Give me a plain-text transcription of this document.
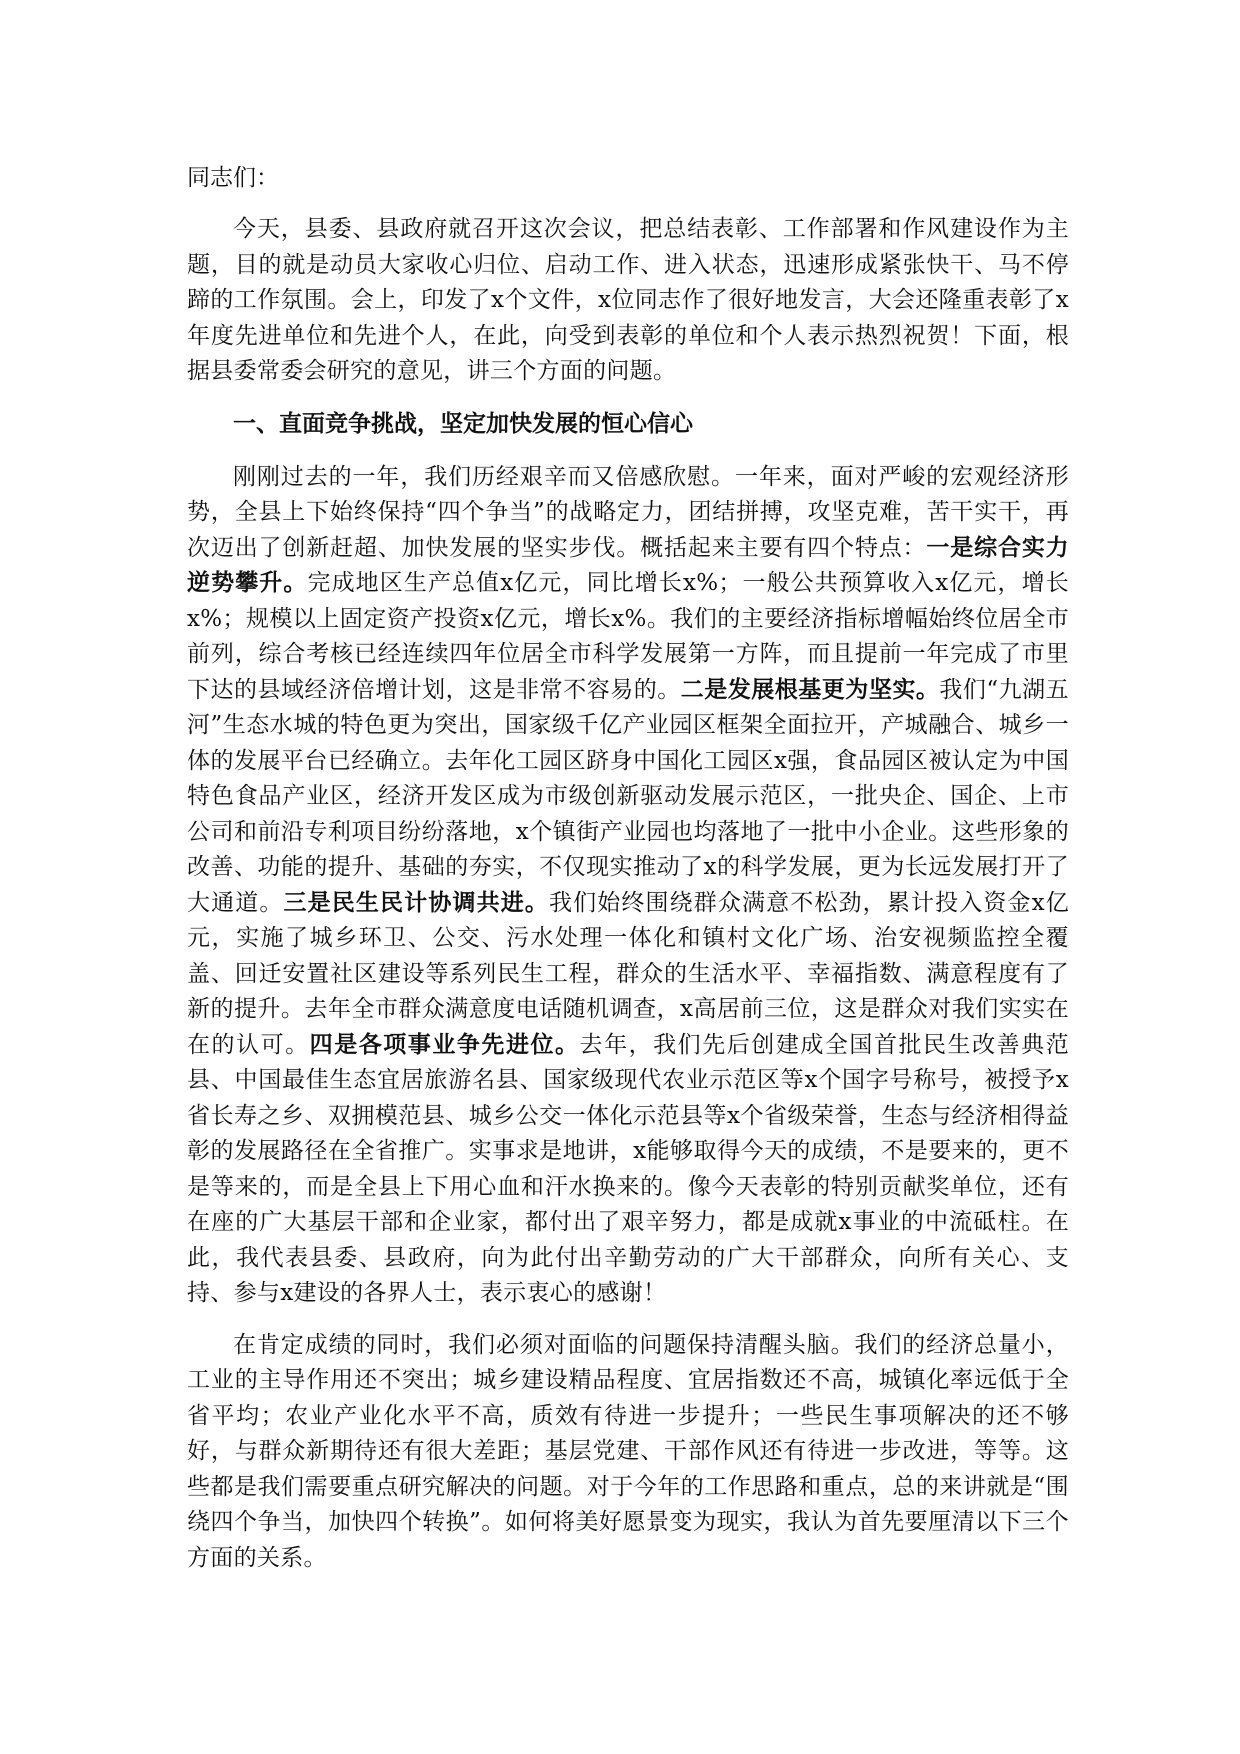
同志们：

今天，县委、县政府就召开这次会议，把总结表彰、工作部署和作风建设作为主题，目的就是动员大家收心归位、启动工作、进入状态，迅速形成紧张快干、马不停蹄的工作氛围。会上，印发了x个文件，x位同志作了很好地发言，大会还隆重表彰了x年度先进单位和先进个人，在此，向受到表彰的单位和个人表示热烈祝贺！下面，根据县委常委会研究的意见，讲三个方面的问题。

一、直面竞争挑战，坚定加快发展的恒心信心

刚刚过去的一年，我们历经艰辛而又倍感欣慰。一年来，面对严峻的宏观经济形势，全县上下始终保持“四个争当”的战略定力，团结拼搏，攻坚克难，苦干实干，再次迈出了创新赶超、加快发展的坚实步伐。概括起来主要有四个特点：一是综合实力逆势攀升。完成地区生产总值x亿元，同比增长x%；一般公共预算收入x亿元，增长x%；规模以上固定资产投资x亿元，增长x%。我们的主要经济指标增幅始终位居全市前列，综合考核已经连续四年位居全市科学发展第一方阵，而且提前一年完成了市里下达的县域经济倍增计划，这是非常不容易的。二是发展根基更为坚实。我们“九湖五河”生态水城的特色更为突出，国家级千亿产业园区框架全面拉开，产城融合、城乡一体的发展平台已经确立。去年化工园区跻身中国化工园区x强，食品园区被认定为中国特色食品产业区，经济开发区成为市级创新驱动发展示范区，一批央企、国企、上市公司和前沿专利项目纷纷落地，x个镇街产业园也均落地了一批中小企业。这些形象的改善、功能的提升、基础的夯实，不仅现实推动了x的科学发展，更为长远发展打开了大通道。三是民生民计协调共进。我们始终围绕群众满意不松劲，累计投入资金x亿元，实施了城乡环卫、公交、污水处理一体化和镇村文化广场、治安视频监控全覆盖、回迁安置社区建设等系列民生工程，群众的生活水平、幸福指数、满意程度有了新的提升。去年全市群众满意度电话随机调查，x高居前三位，这是群众对我们实实在在的认可。四是各项事业争先进位。去年，我们先后创建成全国首批民生改善典范县、中国最佳生态宜居旅游名县、国家级现代农业示范区等x个国字号称号，被授予x省长寿之乡、双拥模范县、城乡公交一体化示范县等x个省级荣誉，生态与经济相得益彰的发展路径在全省推广。实事求是地讲，x能够取得今天的成绩，不是要来的，更不是等来的，而是全县上下用心血和汗水换来的。像今天表彰的特别贡献奖单位，还有在座的广大基层干部和企业家，都付出了艰辛努力，都是成就x事业的中流砥柱。在此，我代表县委、县政府，向为此付出辛勤劳动的广大干部群众，向所有关心、支持、参与x建设的各界人士，表示衷心的感谢！

在肯定成绩的同时，我们必须对面临的问题保持清醒头脑。我们的经济总量小，工业的主导作用还不突出；城乡建设精品程度、宜居指数还不高，城镇化率远低于全省平均；农业产业化水平不高，质效有待进一步提升；一些民生事项解决的还不够好，与群众新期待还有很大差距；基层党建、干部作风还有待进一步改进，等等。这些都是我们需要重点研究解决的问题。对于今年的工作思路和重点，总的来讲就是“围绕四个争当，加快四个转换”。如何将美好愿景变为现实，我认为首先要厘清以下三个方面的关系。
